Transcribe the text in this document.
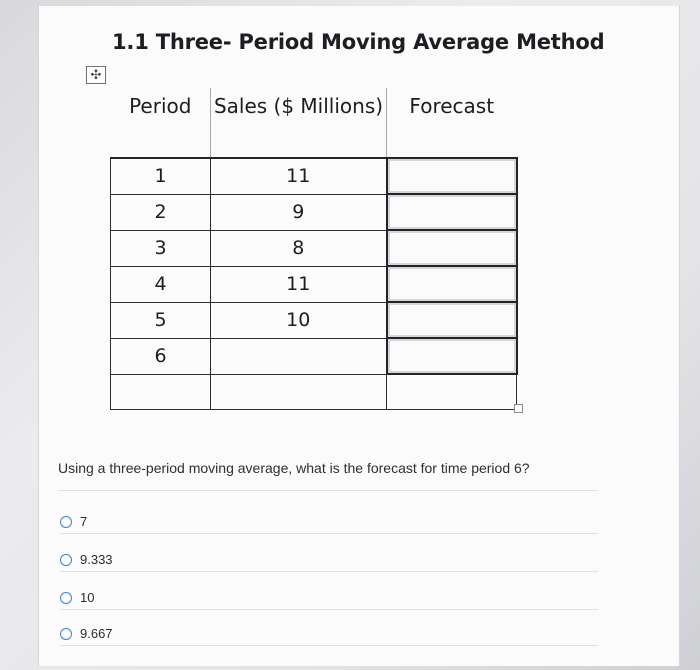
1.1 Three- Period Moving Average Method
✣
Period	Sales ($ Millions)	Forecast
1	11	
2	9	
3	8	
4	11	
5	10	
6		

Using a three-period moving average, what is the forecast for time period 6?
7
9.333
10
9.667
